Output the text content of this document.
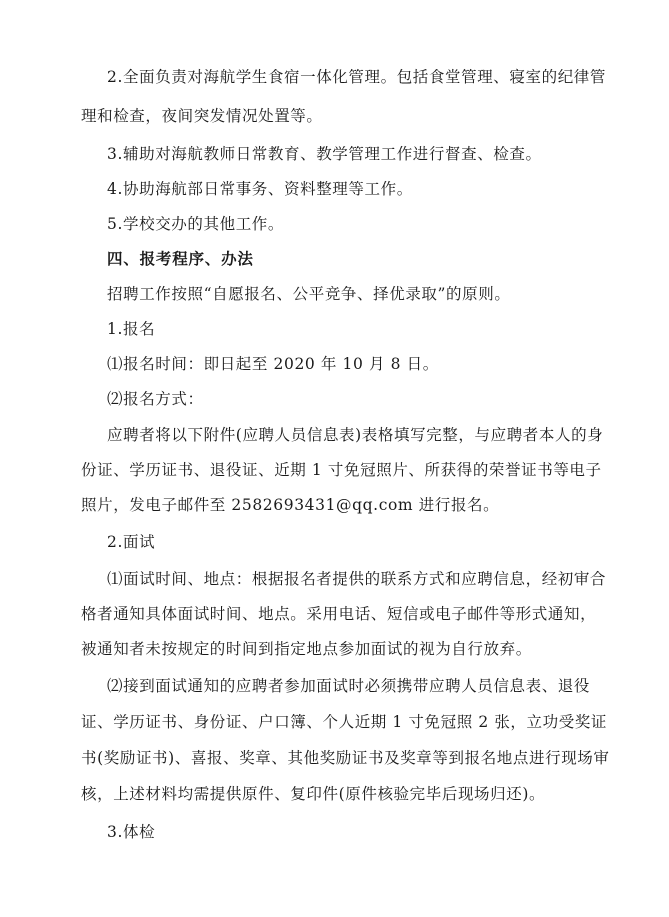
2.全面负责对海航学生食宿一体化管理。包括食堂管理、寝室的纪律管
理和检查，夜间突发情况处置等。
3.辅助对海航教师日常教育、教学管理工作进行督查、检查。
4.协助海航部日常事务、资料整理等工作。
5.学校交办的其他工作。
四、报考程序、办法
招聘工作按照“自愿报名、公平竞争、择优录取”的原则。
1.报名
⑴报名时间：即日起至 2020 年 10 月 8 日。
⑵报名方式：
应聘者将以下附件(应聘人员信息表)表格填写完整，与应聘者本人的身
份证、学历证书、退役证、近期 1 寸免冠照片、所获得的荣誉证书等电子
照片，发电子邮件至 2582693431@qq.com 进行报名。
2.面试
⑴面试时间、地点：根据报名者提供的联系方式和应聘信息，经初审合
格者通知具体面试时间、地点。采用电话、短信或电子邮件等形式通知，
被通知者未按规定的时间到指定地点参加面试的视为自行放弃。
⑵接到面试通知的应聘者参加面试时必须携带应聘人员信息表、退役
证、学历证书、身份证、户口簿、个人近期 1 寸免冠照 2 张，立功受奖证
书(奖励证书)、喜报、奖章、其他奖励证书及奖章等到报名地点进行现场审
核，上述材料均需提供原件、复印件(原件核验完毕后现场归还)。
3.体检
